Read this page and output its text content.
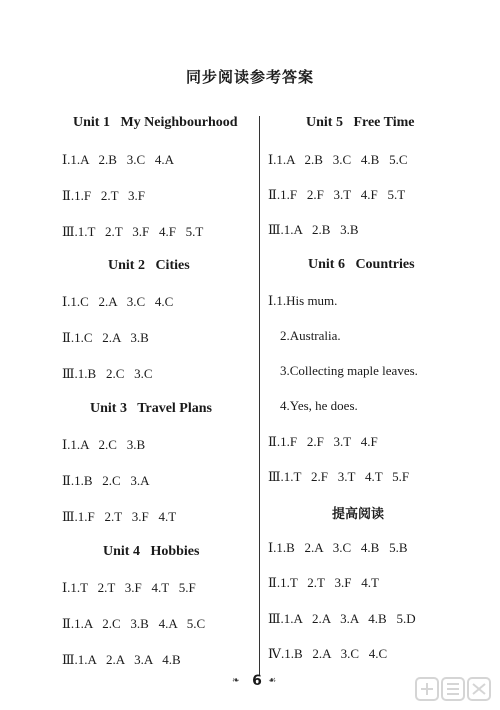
同步阅读参考答案
Unit 1   My Neighbourhood
Ⅰ.1.A   2.B   3.C   4.A
Ⅱ.1.F   2.T   3.F
Ⅲ.1.T   2.T   3.F   4.F   5.T
Unit 2   Cities
Ⅰ.1.C   2.A   3.C   4.C
Ⅱ.1.C   2.A   3.B
Ⅲ.1.B   2.C   3.C
Unit 3   Travel Plans
Ⅰ.1.A   2.C   3.B
Ⅱ.1.B   2.C   3.A
Ⅲ.1.F   2.T   3.F   4.T
Unit 4   Hobbies
Ⅰ.1.T   2.T   3.F   4.T   5.F
Ⅱ.1.A   2.C   3.B   4.A   5.C
Ⅲ.1.A   2.A   3.A   4.B
Unit 5   Free Time
Ⅰ.1.A   2.B   3.C   4.B   5.C
Ⅱ.1.F   2.F   3.T   4.F   5.T
Ⅲ.1.A   2.B   3.B
Unit 6   Countries
Ⅰ.1.His mum.
2.Australia.
3.Collecting maple leaves.
4.Yes, he does.
Ⅱ.1.F   2.F   3.T   4.F
Ⅲ.1.T   2.F   3.T   4.T   5.F
提高阅读
Ⅰ.1.B   2.A   3.C   4.B   5.B
Ⅱ.1.T   2.T   3.F   4.T
Ⅲ.1.A   2.A   3.A   4.B   5.D
Ⅳ.1.B   2.A   3.C   4.C
❧ 6 ☙
